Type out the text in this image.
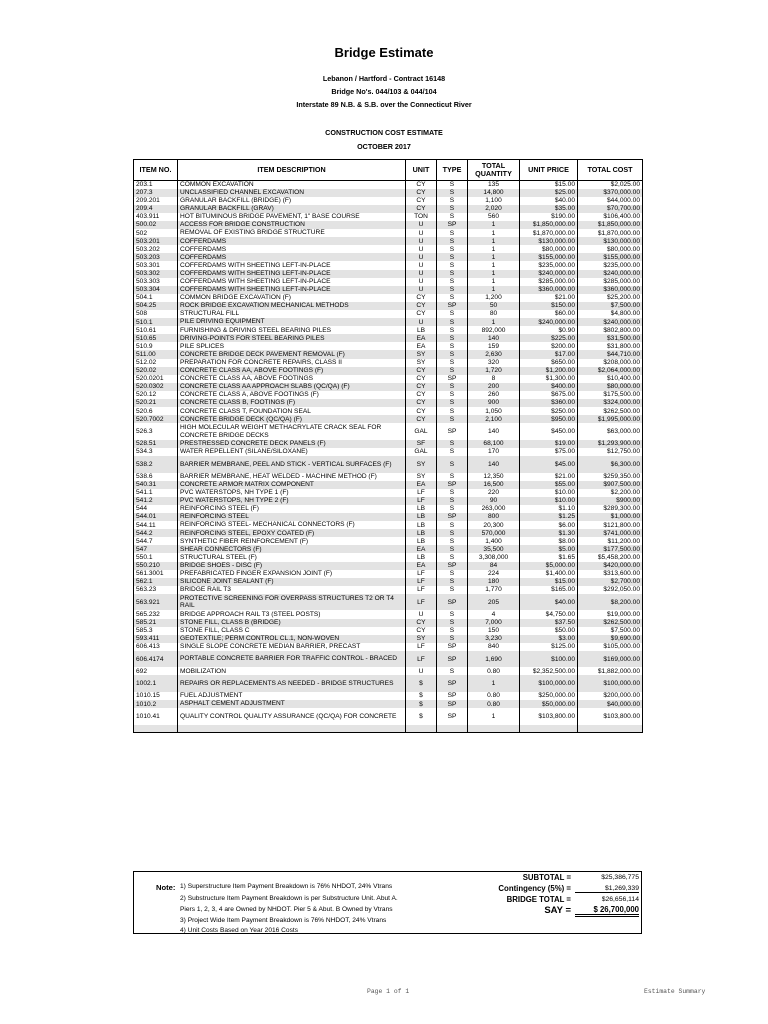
Bridge Estimate
Lebanon / Hartford - Contract 16148
Bridge No's. 044/103 & 044/104
Interstate 89 N.B. & S.B. over the Connecticut River
CONSTRUCTION COST ESTIMATE
OCTOBER 2017
ITEM NO.	ITEM DESCRIPTION	UNIT	TYPE	TOTAL QUANTITY	UNIT PRICE	TOTAL COST
203.1	COMMON EXCAVATION	CY	S	135	$15.00	$2,025.00
207.3	UNCLASSIFIED CHANNEL EXCAVATION	CY	S	14,800	$25.00	$370,000.00
209.201	GRANULAR BACKFILL (BRIDGE) (F)	CY	S	1,100	$40.00	$44,000.00
209.4	GRANULAR BACKFILL (GRAV)	CY	S	2,020	$35.00	$70,700.00
403.911	HOT BITUMINOUS BRIDGE PAVEMENT, 1" BASE COURSE	TON	S	560	$190.00	$106,400.00
500.02	ACCESS FOR BRIDGE CONSTRUCTION	U	SP	1	$1,850,000.00	$1,850,000.00
502	REMOVAL OF EXISTING BRIDGE STRUCTURE	U	S	1	$1,870,000.00	$1,870,000.00
503.201	COFFERDAMS	U	S	1	$130,000.00	$130,000.00
503.202	COFFERDAMS	U	S	1	$80,000.00	$80,000.00
503.203	COFFERDAMS	U	S	1	$155,000.00	$155,000.00
503.301	COFFERDAMS WITH SHEETING LEFT-IN-PLACE	U	S	1	$235,000.00	$235,000.00
503.302	COFFERDAMS WITH SHEETING LEFT-IN-PLACE	U	S	1	$240,000.00	$240,000.00
503.303	COFFERDAMS WITH SHEETING LEFT-IN-PLACE	U	S	1	$285,000.00	$285,000.00
503.304	COFFERDAMS WITH SHEETING LEFT-IN-PLACE	U	S	1	$360,000.00	$360,000.00
504.1	COMMON BRIDGE EXCAVATION (F)	CY	S	1,200	$21.00	$25,200.00
504.25	ROCK BRIDGE EXCAVATION MECHANICAL METHODS	CY	SP	50	$150.00	$7,500.00
508	STRUCTURAL FILL	CY	S	80	$60.00	$4,800.00
510.1	PILE DRIVING EQUIPMENT	U	S	1	$240,000.00	$240,000.00
510.61	FURNISHING & DRIVING STEEL BEARING PILES	LB	S	892,000	$0.90	$802,800.00
510.65	DRIVING-POINTS FOR STEEL BEARING PILES	EA	S	140	$225.00	$31,500.00
510.9	PILE SPLICES	EA	S	159	$200.00	$31,800.00
511.00	CONCRETE BRIDGE DECK PAVEMENT REMOVAL (F)	SY	S	2,630	$17.00	$44,710.00
512.02	PREPARATION FOR CONCRETE REPAIRS, CLASS II	SY	S	320	$650.00	$208,000.00
520.02	CONCRETE CLASS AA, ABOVE FOOTINGS (F)	CY	S	1,720	$1,200.00	$2,064,000.00
520.0201	CONCRETE CLASS AA, ABOVE FOOTINGS	CY	SP	8	$1,300.00	$10,400.00
520.0302	CONCRETE CLASS AA APPROACH SLABS (QC/QA) (F)	CY	S	200	$400.00	$80,000.00
520.12	CONCRETE CLASS A, ABOVE FOOTINGS (F)	CY	S	260	$675.00	$175,500.00
520.21	CONCRETE CLASS B, FOOTINGS (F)	CY	S	900	$360.00	$324,000.00
520.6	CONCRETE CLASS T, FOUNDATION SEAL	CY	S	1,050	$250.00	$262,500.00
520.7002	CONCRETE BRIDGE DECK (QC/QA) (F)	CY	S	2,100	$950.00	$1,995,000.00
526.3	HIGH MOLECULAR WEIGHT METHACRYLATE CRACK SEAL FOR CONCRETE BRIDGE DECKS	GAL	SP	140	$450.00	$63,000.00
528.51	PRESTRESSED CONCRETE DECK PANELS (F)	SF	S	68,100	$19.00	$1,293,900.00
534.3	WATER REPELLENT (SILANE/SILOXANE)	GAL	S	170	$75.00	$12,750.00
538.2	BARRIER MEMBRANE, PEEL AND STICK - VERTICAL SURFACES (F)	SY	S	140	$45.00	$6,300.00
538.6	BARRIER MEMBRANE, HEAT WELDED - MACHINE METHOD (F)	SY	S	12,350	$21.00	$259,350.00
540.31	CONCRETE ARMOR MATRIX COMPONENT	EA	SP	16,500	$55.00	$907,500.00
541.1	PVC WATERSTOPS, NH TYPE 1 (F)	LF	S	220	$10.00	$2,200.00
541.2	PVC WATERSTOPS, NH TYPE 2 (F)	LF	S	90	$10.00	$900.00
544	REINFORCING STEEL (F)	LB	S	263,000	$1.10	$289,300.00
544.01	REINFORCING STEEL	LB	SP	800	$1.25	$1,000.00
544.11	REINFORCING STEEL- MECHANICAL CONNECTORS (F)	LB	S	20,300	$6.00	$121,800.00
544.2	REINFORCING STEEL, EPOXY COATED (F)	LB	S	570,000	$1.30	$741,000.00
544.7	SYNTHETIC FIBER REINFORCEMENT (F)	LB	S	1,400	$8.00	$11,200.00
547	SHEAR CONNECTORS (F)	EA	S	35,500	$5.00	$177,500.00
550.1	STRUCTURAL STEEL (F)	LB	S	3,308,000	$1.65	$5,458,200.00
550.210	BRIDGE SHOES - DISC (F)	EA	SP	84	$5,000.00	$420,000.00
561.3001	PREFABRICATED FINGER EXPANSION JOINT (F)	LF	S	224	$1,400.00	$313,600.00
562.1	SILICONE JOINT SEALANT (F)	LF	S	180	$15.00	$2,700.00
563.23	BRIDGE RAIL T3	LF	S	1,770	$165.00	$292,050.00
563.921	PROTECTIVE SCREENING FOR OVERPASS STRUCTURES T2 OR T4 RAIL	LF	SP	205	$40.00	$8,200.00
565.232	BRIDGE APPROACH RAIL T3 (STEEL POSTS)	U	S	4	$4,750.00	$19,000.00
585.21	STONE FILL, CLASS B (BRIDGE)	CY	S	7,000	$37.50	$262,500.00
585.3	STONE FILL, CLASS C	CY	S	150	$50.00	$7,500.00
593.411	GEOTEXTILE; PERM CONTROL CL.1, NON-WOVEN	SY	S	3,230	$3.00	$9,690.00
606.413	SINGLE SLOPE CONCRETE MEDIAN BARRIER, PRECAST	LF	SP	840	$125.00	$105,000.00
606.4174	PORTABLE CONCRETE BARRIER FOR TRAFFIC CONTROL - BRACED	LF	SP	1,690	$100.00	$169,000.00
692	MOBILIZATION	U	S	0.80	$2,352,500.00	$1,882,000.00
1002.1	REPAIRS OR REPLACEMENTS AS NEEDED - BRIDGE STRUCTURES	$	SP	1	$100,000.00	$100,000.00
1010.15	FUEL ADJUSTMENT	$	SP	0.80	$250,000.00	$200,000.00
1010.2	ASPHALT CEMENT ADJUSTMENT	$	SP	0.80	$50,000.00	$40,000.00
1010.41	QUALITY CONTROL QUALITY ASSURANCE (QC/QA) FOR CONCRETE	$	SP	1	$103,800.00	$103,800.00

Note: 1) Superstructure Item Payment Breakdown is 76% NHDOT, 24% Vtrans
2) Substructure Item Payment Breakdown is per Substructure Unit. Abut A.
Piers 1, 2, 3, 4 are Owned by NHDOT. Pier 5 & Abut. B Owned by Vtrans
3) Project Wide Item Payment Breakdown is 76% NHDOT, 24% Vtrans
4) Unit Costs Based on Year 2016 Costs
SUBTOTAL =	$25,386,775
Contingency (5%) =	$1,269,339
BRIDGE TOTAL =	$26,656,114
SAY =	$ 26,700,000
Page 1 of 1	Estimate Summary
